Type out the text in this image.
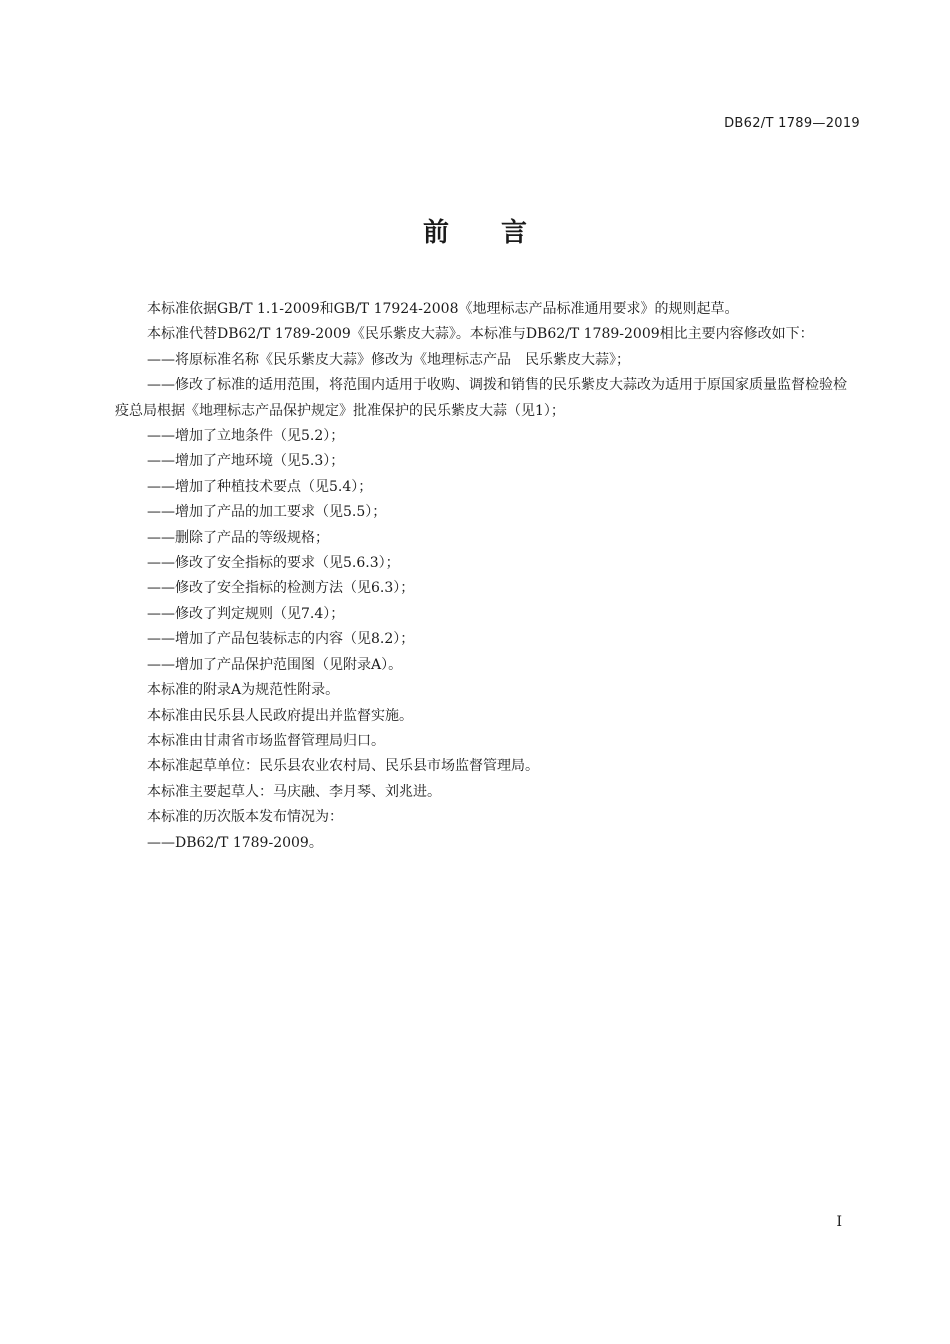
DB62/T 1789—2019
前 言

本标准依据GB/T 1.1-2009和GB/T 17924-2008《地理标志产品标准通用要求》的规则起草。

本标准代替DB62/T 1789-2009《民乐紫皮大蒜》。本标准与DB62/T 1789-2009相比主要内容修改如下：

——将原标准名称《民乐紫皮大蒜》修改为《地理标志产品　民乐紫皮大蒜》；

——修改了标准的适用范围，将范围内适用于收购、调拨和销售的民乐紫皮大蒜改为适用于原国家质量监督检验检疫总局根据《地理标志产品保护规定》批准保护的民乐紫皮大蒜（见1）；

——增加了立地条件（见5.2）；

——增加了产地环境（见5.3）；

——增加了种植技术要点（见5.4）；

——增加了产品的加工要求（见5.5）；

——删除了产品的等级规格；

——修改了安全指标的要求（见5.6.3）；

——修改了安全指标的检测方法（见6.3）；

——修改了判定规则（见7.4）；

——增加了产品包装标志的内容（见8.2）；

——增加了产品保护范围图（见附录A）。

本标准的附录A为规范性附录。

本标准由民乐县人民政府提出并监督实施。

本标准由甘肃省市场监督管理局归口。

本标准起草单位：民乐县农业农村局、民乐县市场监督管理局。

本标准主要起草人：马庆融、李月琴、刘兆进。

本标准的历次版本发布情况为：

——DB62/T 1789-2009。

I
